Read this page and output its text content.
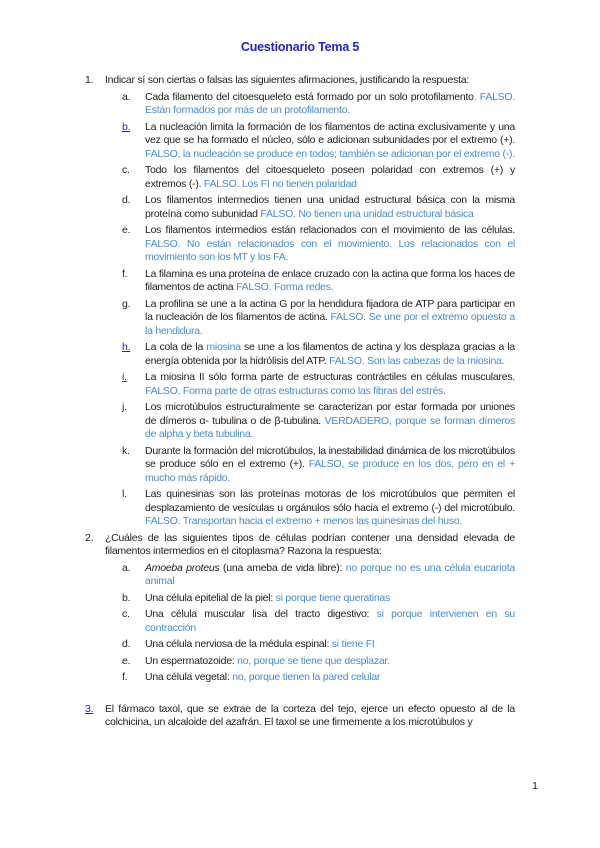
Cuestionario Tema 5
1.	Indicar sí son ciertas o falsas las siguientes afirmaciones, justificando la respuesta:
a.	Cada filamento del citoesqueleto está formado por un solo protofilamento. FALSO. Están formados por más de un protofilamento.
b.	La nucleación limita la formación de los filamentos de actina exclusivamente y una vez que se ha formado el núcleo, sólo e adicionan subunidades por el extremo (+). FALSO, la nucleación se produce en todos; también se adicionan por el extremo (-).
c.	Todo los filamentos del citoesqueleto poseen polaridad con extremos (+) y extremos (-). FALSO. Los FI no tienen polaridad
d.	Los filamentos intermedios tienen una unidad estructural básica con la misma proteína como subunidad FALSO. No tienen una unidad estructural básica
e.	Los filamentos intermedios están relacionados con el movimiento de las células. FALSO. No están relacionados con el movimiento. Los relacionados con el movimiento son los MT y los FA.
f.	La filamina es una proteína de enlace cruzado con la actina que forma los haces de filamentos de actina FALSO. Forma redes.
g.	La profilina se une a la actina G por la hendidura fijadora de ATP para participar en la nucleación de los filamentos de actina. FALSO. Se une por el extremo opuesto a la hendidura.
h.	La cola de la miosina se une a los filamentos de actina y los desplaza gracias a la energía obtenida por la hidrólisis del ATP. FALSO. Son las cabezas de la miosina.
i.	La miosina II sólo forma parte de estructuras contráctiles en células musculares. FALSO. Forma parte de otras estructuras como las fibras del estrés.
j.	Los microtúbulos estructuralmente se caracterizan por estar formada por uniones de dímeros α- tubulina o de β-tubulina. VERDADERO, porque se forman dímeros de alpha y beta tubulina.
k.	Durante la formación del microtúbulos, la inestabilidad dinámica de los microtúbulos se produce sólo en el extremo (+). FALSO, se produce en los dos, pero en el + mucho más rápido.
l.	Las quinesinas son las proteínas motoras de los microtúbulos que permiten el desplazamiento de vesículas u orgánulos sólo hacia el extremo (-) del microtúbulo. FALSO. Transportan hacia el extremo + menos las quinesinas del huso.
2.	¿Cuáles de las siguientes tipos de células podrían contener una densidad elevada de filamentos intermedios en el citoplasma? Razona la respuesta:
a.	Amoeba proteus (una ameba de vida libre): no porque no es una célula eucariota animal
b.	Una célula epitelial de la piel: si porque tiene queratinas
c.	Una célula muscular lisa del tracto digestivo: si porque intervienen en su contracción
d.	Una célula nerviosa de la médula espinal: si tiene FI
e.	Un espermatozoide: no, porque se tiene que desplazar.
f.	Una célula vegetal: no, porque tienen la pared celular
3.	El fármaco taxol, que se extrae de la corteza del tejo, ejerce un efecto opuesto al de la colchicina, un alcaloide del azafrán. El taxol se une firmemente a los microtúbulos y
1
